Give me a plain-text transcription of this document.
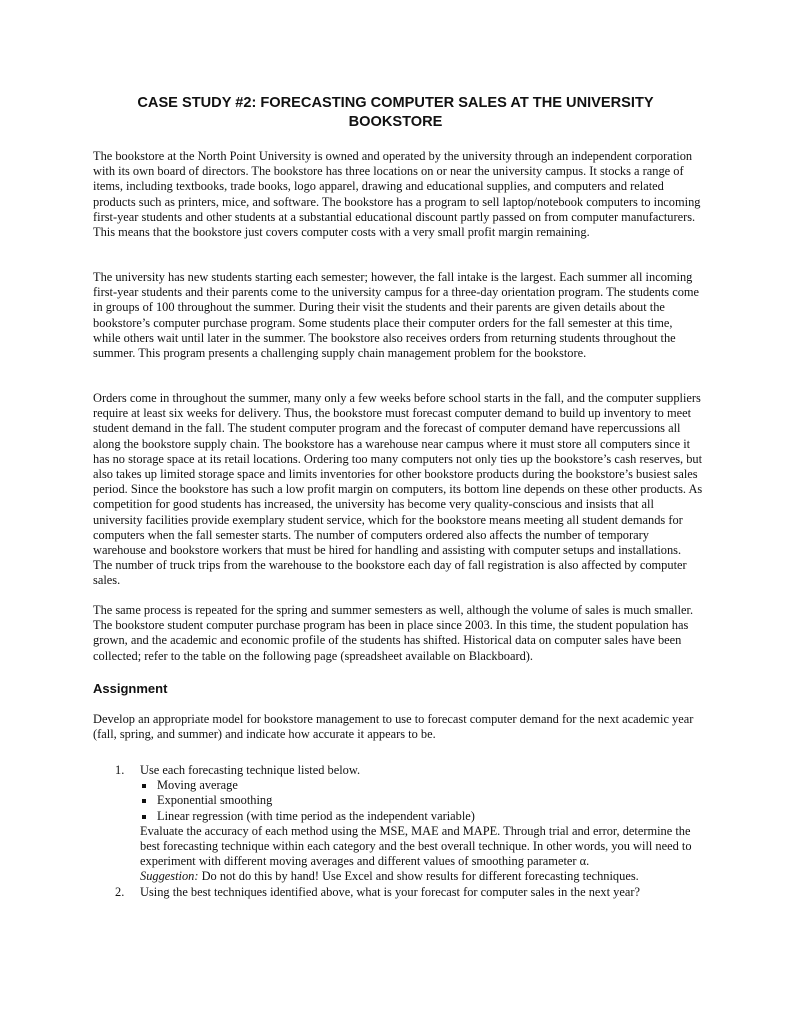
CASE STUDY #2: FORECASTING COMPUTER SALES AT THE UNIVERSITY BOOKSTORE

The bookstore at the North Point University is owned and operated by the university through an independent corporation with its own board of directors. The bookstore has three locations on or near the university campus. It stocks a range of items, including textbooks, trade books, logo apparel, drawing and educational supplies, and computers and related products such as printers, mice, and software. The bookstore has a program to sell laptop/notebook computers to incoming first-year students and other students at a substantial educational discount partly passed on from computer manufacturers. This means that the bookstore just covers computer costs with a very small profit margin remaining.

The university has new students starting each semester; however, the fall intake is the largest. Each summer all incoming first-year students and their parents come to the university campus for a three-day orientation program. The students come in groups of 100 throughout the summer. During their visit the students and their parents are given details about the bookstore’s computer purchase program. Some students place their computer orders for the fall semester at this time, while others wait until later in the summer. The bookstore also receives orders from returning students throughout the summer. This program presents a challenging supply chain management problem for the bookstore.

Orders come in throughout the summer, many only a few weeks before school starts in the fall, and the computer suppliers require at least six weeks for delivery. Thus, the bookstore must forecast computer demand to build up inventory to meet student demand in the fall. The student computer program and the forecast of computer demand have repercussions all along the bookstore supply chain. The bookstore has a warehouse near campus where it must store all computers since it has no storage space at its retail locations. Ordering too many computers not only ties up the bookstore’s cash reserves, but also takes up limited storage space and limits inventories for other bookstore products during the bookstore’s busiest sales period. Since the bookstore has such a low profit margin on computers, its bottom line depends on these other products. As competition for good students has increased, the university has become very quality-conscious and insists that all university facilities provide exemplary student service, which for the bookstore means meeting all student demands for computers when the fall semester starts. The number of computers ordered also affects the number of temporary warehouse and bookstore workers that must be hired for handling and assisting with computer setups and installations. The number of truck trips from the warehouse to the bookstore each day of fall registration is also affected by computer sales.

The same process is repeated for the spring and summer semesters as well, although the volume of sales is much smaller. The bookstore student computer purchase program has been in place since 2003. In this time, the student population has grown, and the academic and economic profile of the students has shifted. Historical data on computer sales have been collected; refer to the table on the following page (spreadsheet available on Blackboard).

Assignment

Develop an appropriate model for bookstore management to use to forecast computer demand for the next academic year (fall, spring, and summer) and indicate how accurate it appears to be.

1. Use each forecasting technique listed below.
Moving average
Exponential smoothing
Linear regression (with time period as the independent variable)
Evaluate the accuracy of each method using the MSE, MAE and MAPE. Through trial and error, determine the best forecasting technique within each category and the best overall technique. In other words, you will need to experiment with different moving averages and different values of smoothing parameter α.
Suggestion: Do not do this by hand! Use Excel and show results for different forecasting techniques.
2. Using the best techniques identified above, what is your forecast for computer sales in the next year?
